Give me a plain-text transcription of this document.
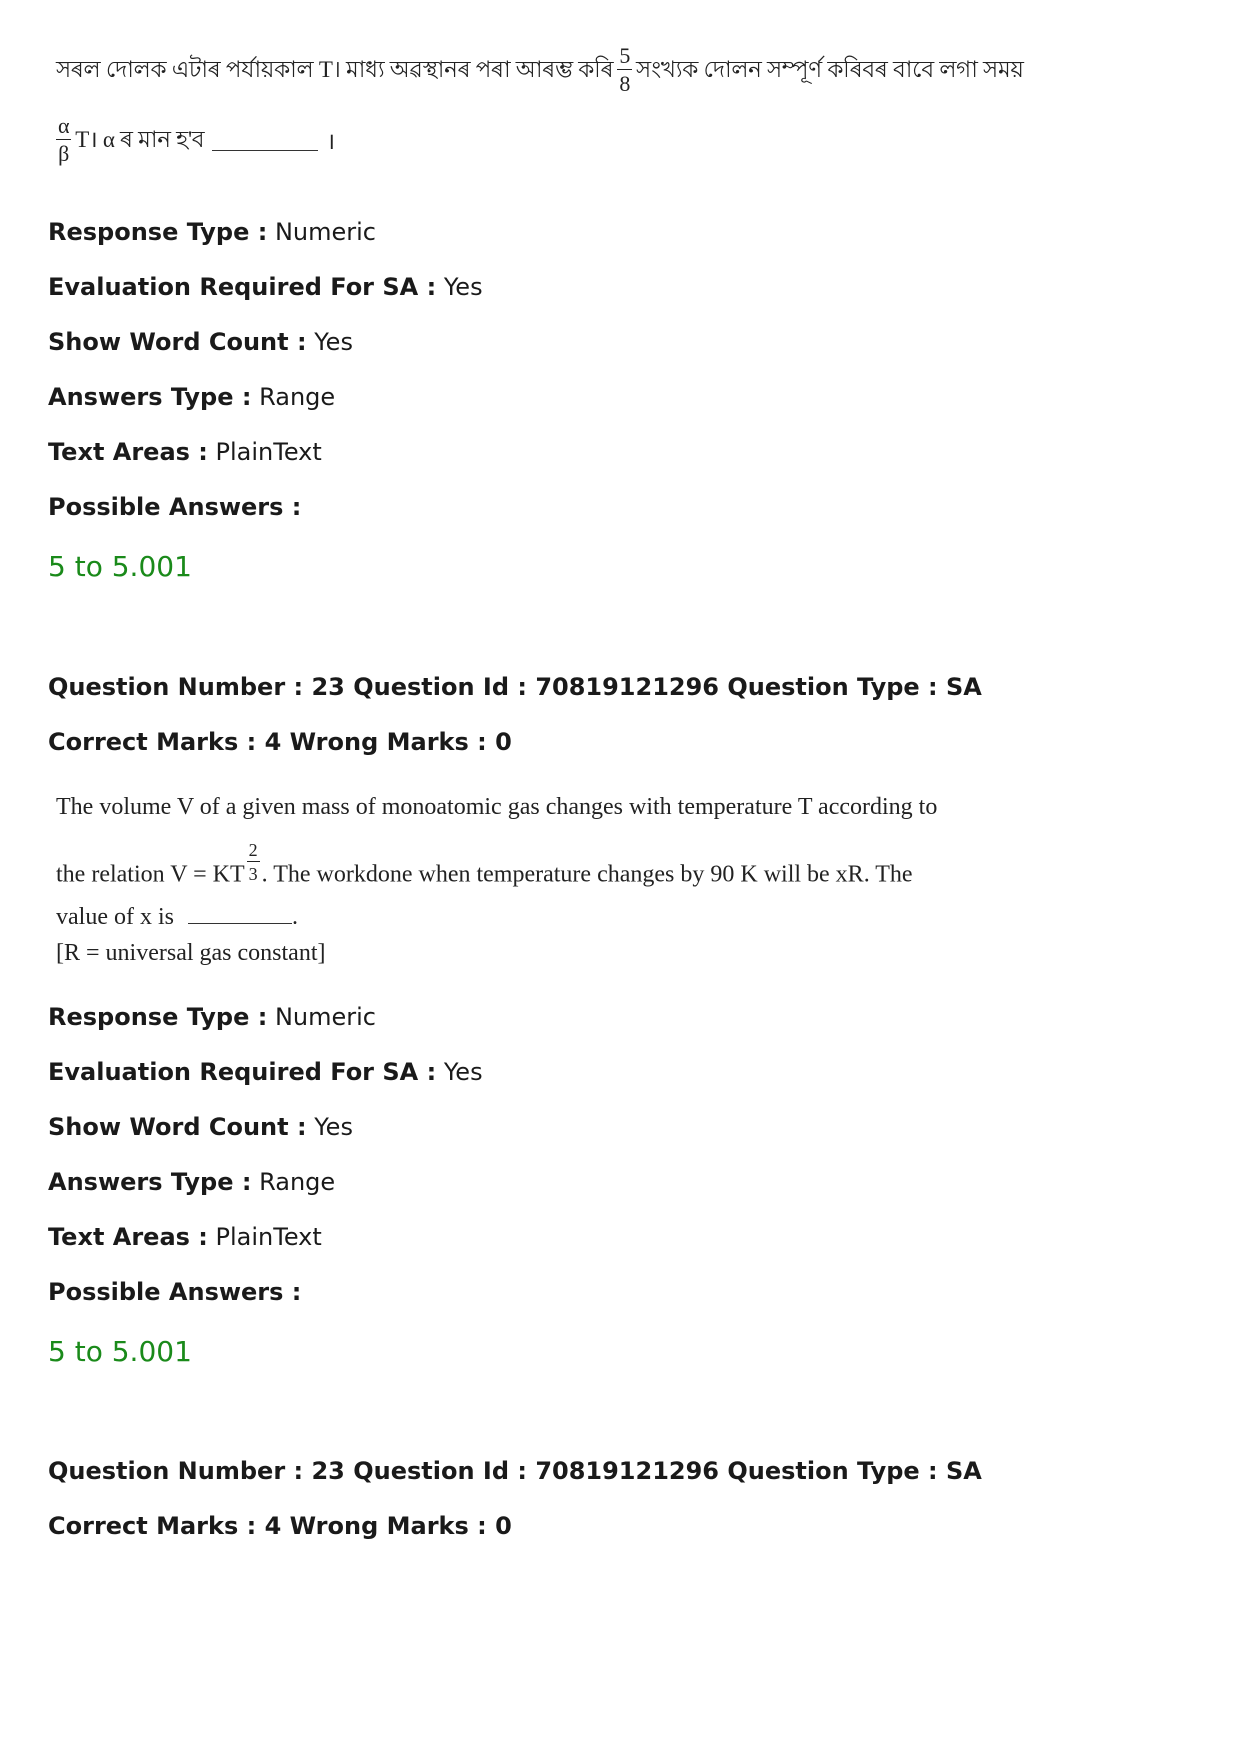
সৰল দোলক এটাৰ পৰ্যায়কাল T। মাধ্য অৱস্থানৰ পৰা আৰম্ভ কৰি $\frac{5}{8}$ সংখ্যক দোলন সম্পূৰ্ণ কৰিবৰ বাবে লগা সময়
$\frac{\alpha}{\beta}$ T। α ৰ মান হ'ব	।
Response Type : Numeric
Evaluation Required For SA : Yes
Show Word Count : Yes
Answers Type : Range
Text Areas : PlainText
Possible Answers :
5 to 5.001
Question Number : 23 Question Id : 70819121296 Question Type : SA
Correct Marks : 4 Wrong Marks : 0
The volume V of a given mass of monoatomic gas changes with temperature T according to
the relation V = KT $\frac{2}{3}$ . The workdone when temperature changes by 90 K will be xR. The
value of x is	.
[R = universal gas constant]
Response Type : Numeric
Evaluation Required For SA : Yes
Show Word Count : Yes
Answers Type : Range
Text Areas : PlainText
Possible Answers :
5 to 5.001
Question Number : 23 Question Id : 70819121296 Question Type : SA
Correct Marks : 4 Wrong Marks : 0
